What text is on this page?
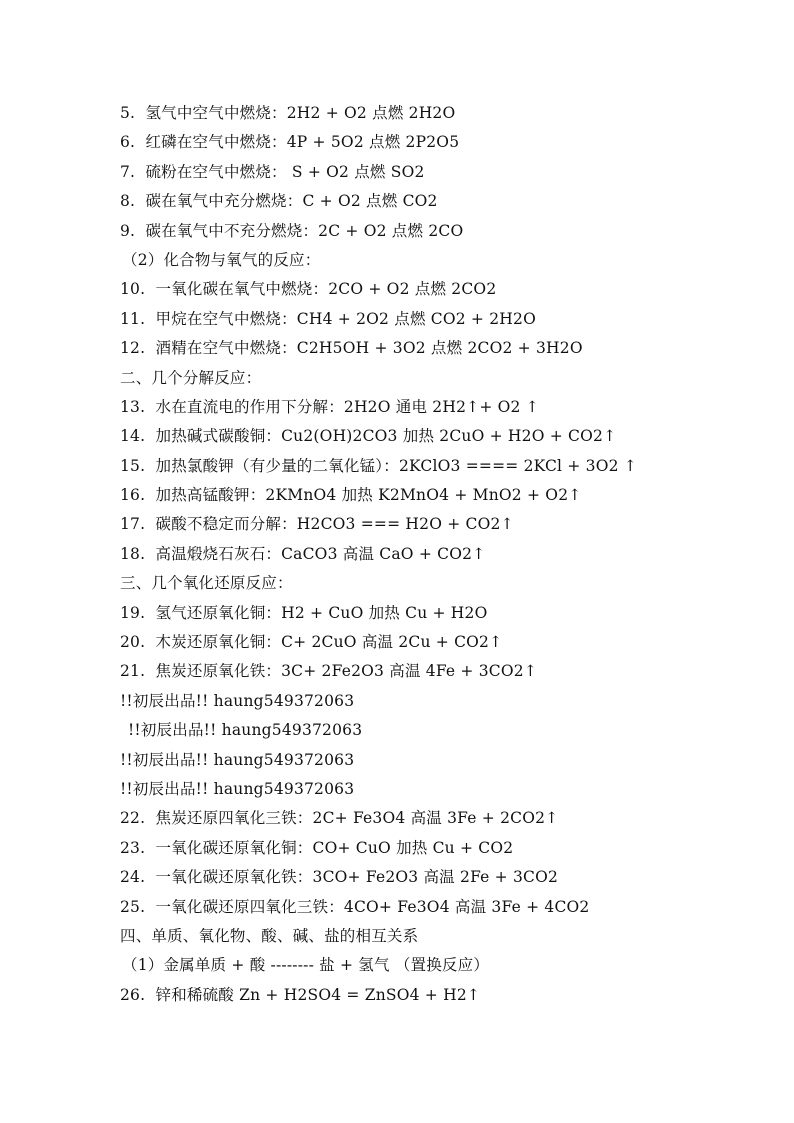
5.  氢气中空气中燃烧：2H2 + O2 点燃 2H2O
6.  红磷在空气中燃烧：4P + 5O2 点燃 2P2O5
7.  硫粉在空气中燃烧： S + O2 点燃 SO2
8.  碳在氧气中充分燃烧：C + O2 点燃 CO2
9.  碳在氧气中不充分燃烧：2C + O2 点燃 2CO
（2）化合物与氧气的反应：
10.  一氧化碳在氧气中燃烧：2CO + O2 点燃 2CO2
11.  甲烷在空气中燃烧：CH4 + 2O2 点燃 CO2 + 2H2O
12.  酒精在空气中燃烧：C2H5OH + 3O2 点燃 2CO2 + 3H2O
二、几个分解反应：
13.  水在直流电的作用下分解：2H2O 通电 2H2↑+ O2 ↑
14.  加热碱式碳酸铜：Cu2(OH)2CO3 加热 2CuO + H2O + CO2↑
15.  加热氯酸钾（有少量的二氧化锰）：2KClO3 ==== 2KCl + 3O2 ↑
16.  加热高锰酸钾：2KMnO4 加热 K2MnO4 + MnO2 + O2↑
17.  碳酸不稳定而分解：H2CO3 === H2O + CO2↑
18.  高温煅烧石灰石：CaCO3 高温 CaO + CO2↑
三、几个氧化还原反应：
19.  氢气还原氧化铜：H2 + CuO 加热 Cu + H2O
20.  木炭还原氧化铜：C+ 2CuO 高温 2Cu + CO2↑
21.  焦炭还原氧化铁：3C+ 2Fe2O3 高温 4Fe + 3CO2↑
!!初辰出品!! haung549372063
!!初辰出品!! haung549372063
!!初辰出品!! haung549372063
!!初辰出品!! haung549372063
22.  焦炭还原四氧化三铁：2C+ Fe3O4 高温 3Fe + 2CO2↑
23.  一氧化碳还原氧化铜：CO+ CuO 加热 Cu + CO2
24.  一氧化碳还原氧化铁：3CO+ Fe2O3 高温 2Fe + 3CO2
25.  一氧化碳还原四氧化三铁：4CO+ Fe3O4 高温 3Fe + 4CO2
四、单质、氧化物、酸、碱、盐的相互关系
（1）金属单质 + 酸 -------- 盐 + 氢气 （置换反应）
26.  锌和稀硫酸 Zn + H2SO4 = ZnSO4 + H2↑
